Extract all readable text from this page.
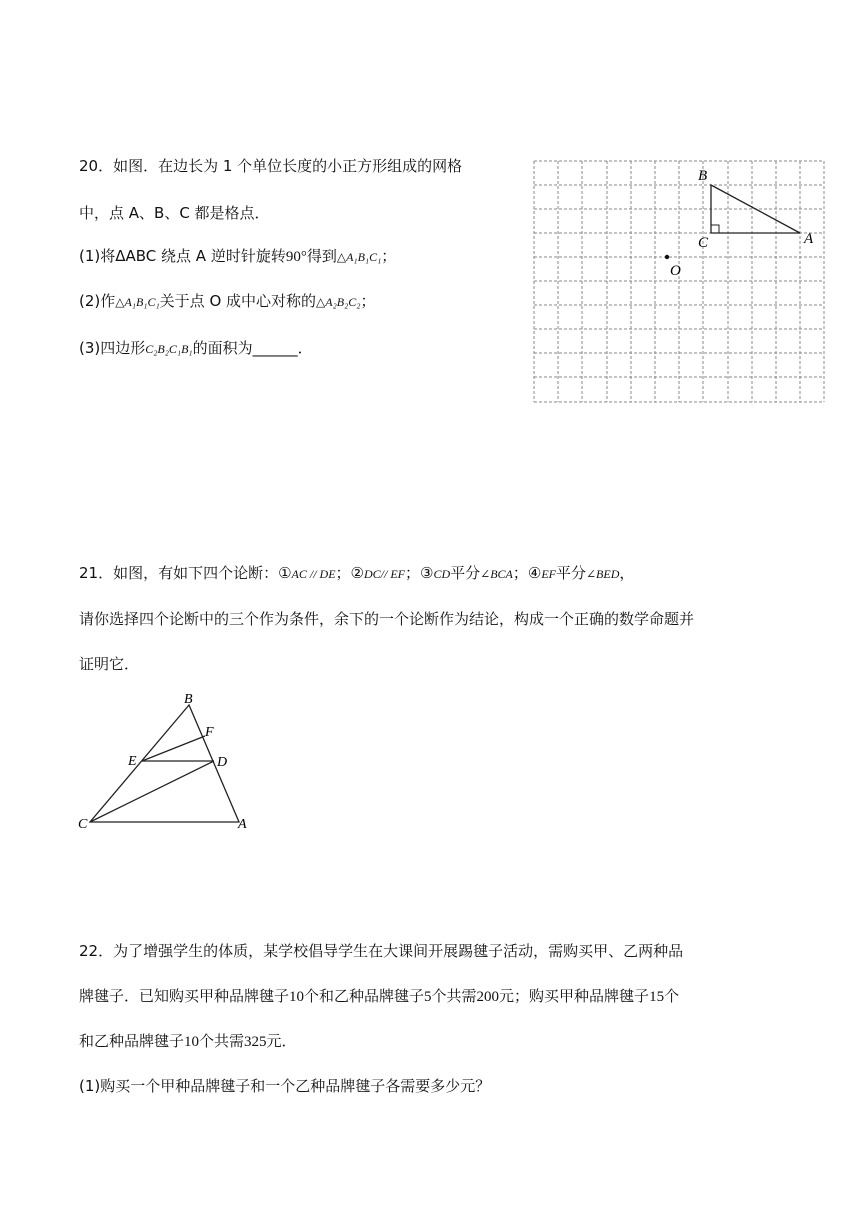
20．如图．在边长为 1 个单位长度的小正方形组成的网格
中，点 A、B、C 都是格点．
(1)将ΔABC 绕点 A 逆时针旋转90°得到△A₁B₁C₁；
(2)作△A₁B₁C₁关于点 O 成中心对称的△A₂B₂C₂；
(3)四边形C₂B₂C₁B₁的面积为______．
B
C	A
O
21．如图，有如下四个论断：①AC // DE；②DC// EF；③CD平分∠BCA；④EF平分∠BED，
请你选择四个论断中的三个作为条件，余下的一个论断作为结论，构成一个正确的数学命题并
证明它．
B
F
E	D
C	A
22．为了增强学生的体质，某学校倡导学生在大课间开展踢毽子活动，需购买甲、乙两种品
牌毽子．已知购买甲种品牌毽子10个和乙种品牌毽子5个共需200元；购买甲种品牌毽子15个
和乙种品牌毽子10个共需325元．
(1)购买一个甲种品牌毽子和一个乙种品牌毽子各需要多少元？
